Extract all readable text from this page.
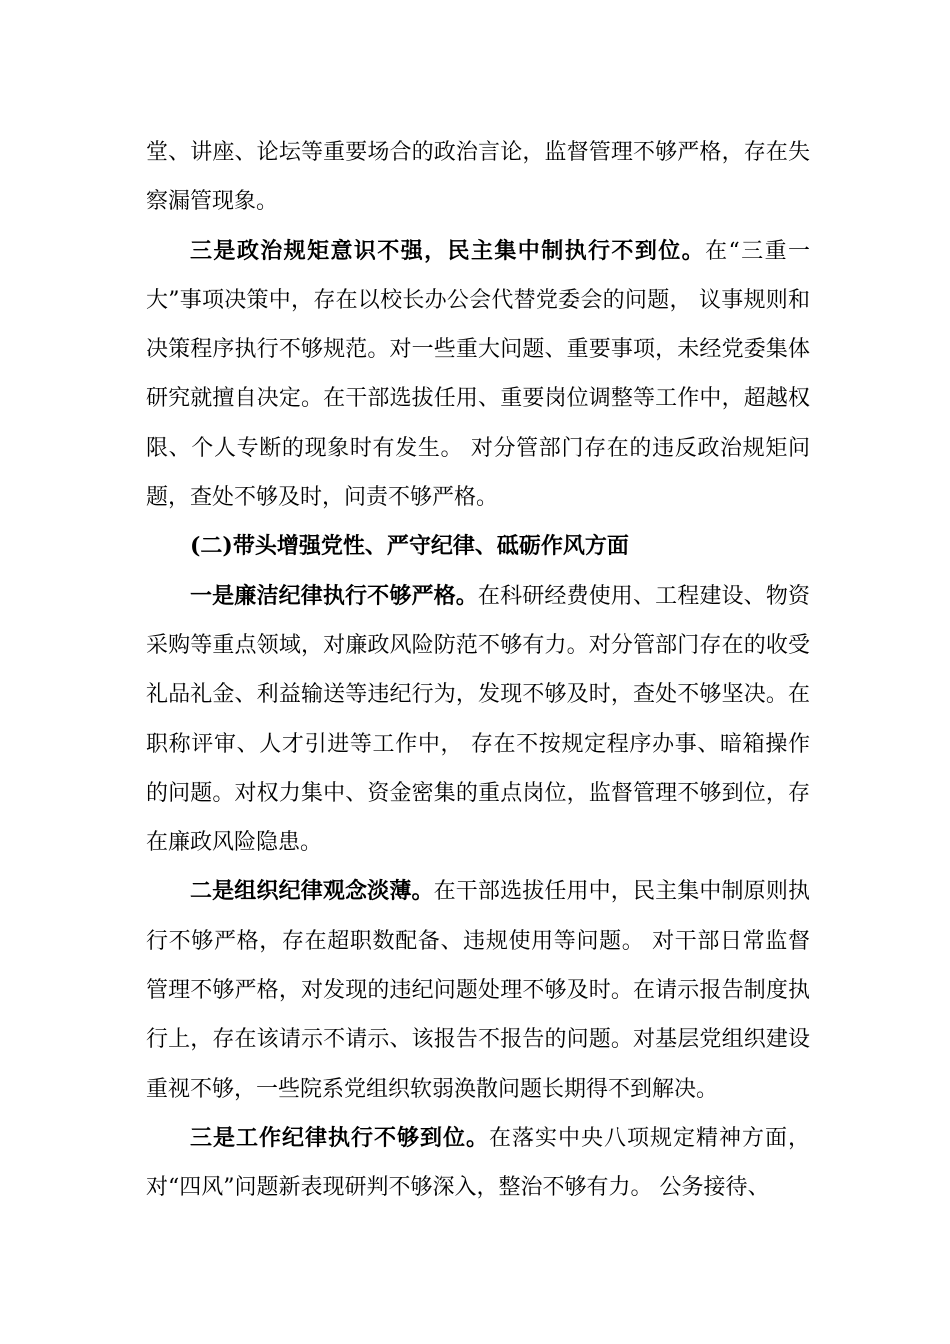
堂、讲座、论坛等重要场合的政治言论，监督管理不够严格，存在失察漏管现象。

三是政治规矩意识不强，民主集中制执行不到位。在“三重一大”事项决策中，存在以校长办公会代替党委会的问题， 议事规则和决策程序执行不够规范。对一些重大问题、重要事项，未经党委集体研究就擅自决定。在干部选拔任用、重要岗位调整等工作中，超越权限、个人专断的现象时有发生。 对分管部门存在的违反政治规矩问题，查处不够及时，问责不够严格。

(二)带头增强党性、严守纪律、砥砺作风方面

一是廉洁纪律执行不够严格。在科研经费使用、工程建设、物资采购等重点领域，对廉政风险防范不够有力。对分管部门存在的收受礼品礼金、利益输送等违纪行为，发现不够及时，查处不够坚决。在职称评审、人才引进等工作中， 存在不按规定程序办事、暗箱操作的问题。对权力集中、资金密集的重点岗位，监督管理不够到位，存在廉政风险隐患。

二是组织纪律观念淡薄。在干部选拔任用中，民主集中制原则执行不够严格，存在超职数配备、违规使用等问题。 对干部日常监督管理不够严格，对发现的违纪问题处理不够及时。在请示报告制度执行上，存在该请示不请示、该报告不报告的问题。对基层党组织建设重视不够，一些院系党组织软弱涣散问题长期得不到解决。

三是工作纪律执行不够到位。在落实中央八项规定精神方面，对“四风”问题新表现研判不够深入，整治不够有力。 公务接待、
